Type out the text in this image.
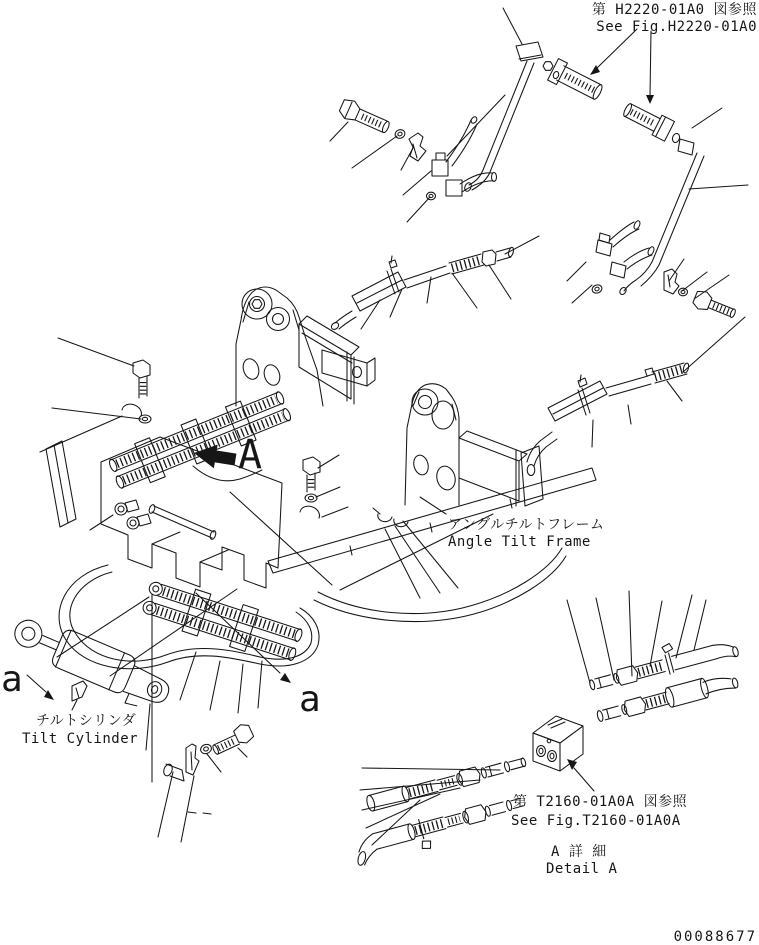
第 H2220-01A0 図参照
See Fig.H2220-01A0
アングルチルトフレーム
Angle Tilt Frame
チルトシリンダ
Tilt Cylinder
第 T2160-01A0A 図参照
See Fig.T2160-01A0A
A 詳 細
Detail A
A
a	a
00088677
